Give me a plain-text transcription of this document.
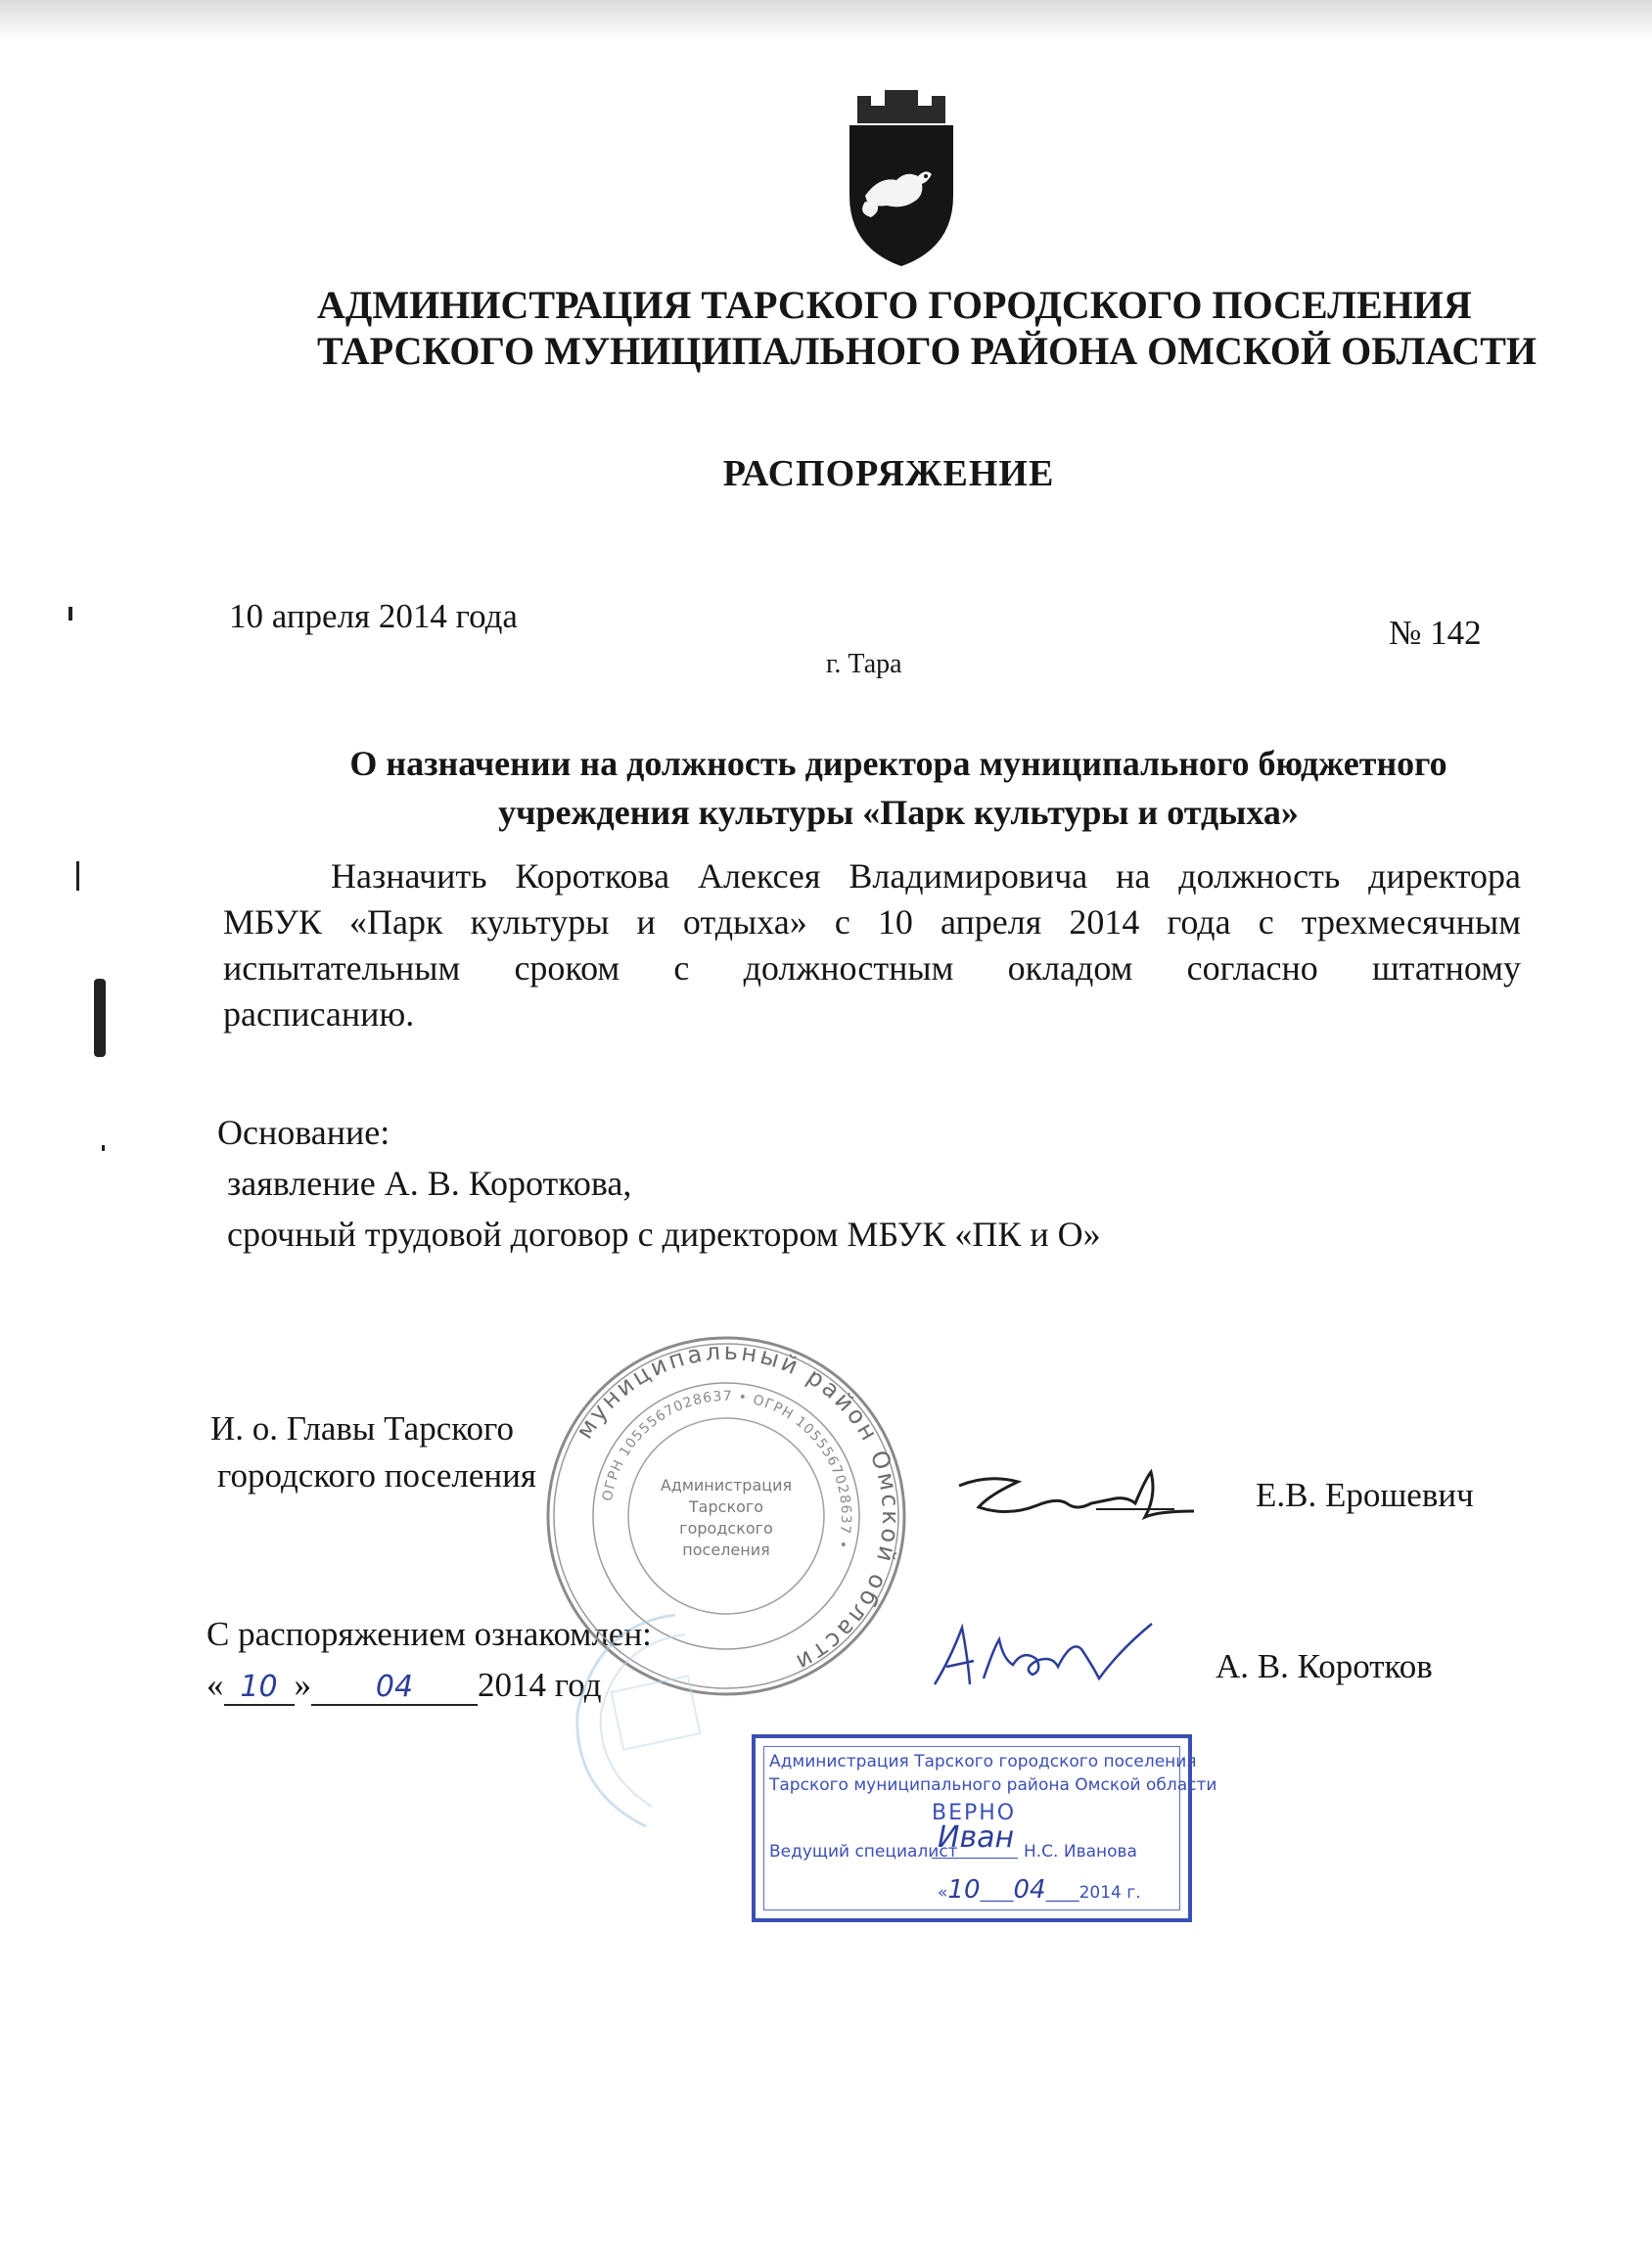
АДМИНИСТРАЦИЯ ТАРСКОГО ГОРОДСКОГО ПОСЕЛЕНИЯ
ТАРСКОГО МУНИЦИПАЛЬНОГО РАЙОНА ОМСКОЙ ОБЛАСТИ
РАСПОРЯЖЕНИЕ
10 апреля 2014 года	№ 142
г. Тара
О назначении на должность директора муниципального бюджетного
учреждения культуры «Парк культуры и отдыха»
Назначить Короткова Алексея Владимировича на должность директора
МБУК «Парк культуры и отдыха» с 10 апреля 2014 года с трехмесячным
испытательным сроком с должностным окладом согласно штатному
расписанию.
Основание:
заявление А. В. Короткова,
срочный трудовой договор с директором МБУК «ПК и О»
И. о. Главы Тарского
городского поселения
Е.В. Ерошевич
С распоряжением ознакомлен:
« 10 » 04 2014 год	А. В. Коротков
муниципальный район Омской области
ОГРН 1055567028637 • ОГРН 1055567028637 •
Администрация
Тарского
городского
поселения
Администрация Тарского городского поселения
Тарского муниципального района Омской области
ВЕРНО
Ведущий специалист
Иван Н.С. Иванова
«10____04____2014 г.
